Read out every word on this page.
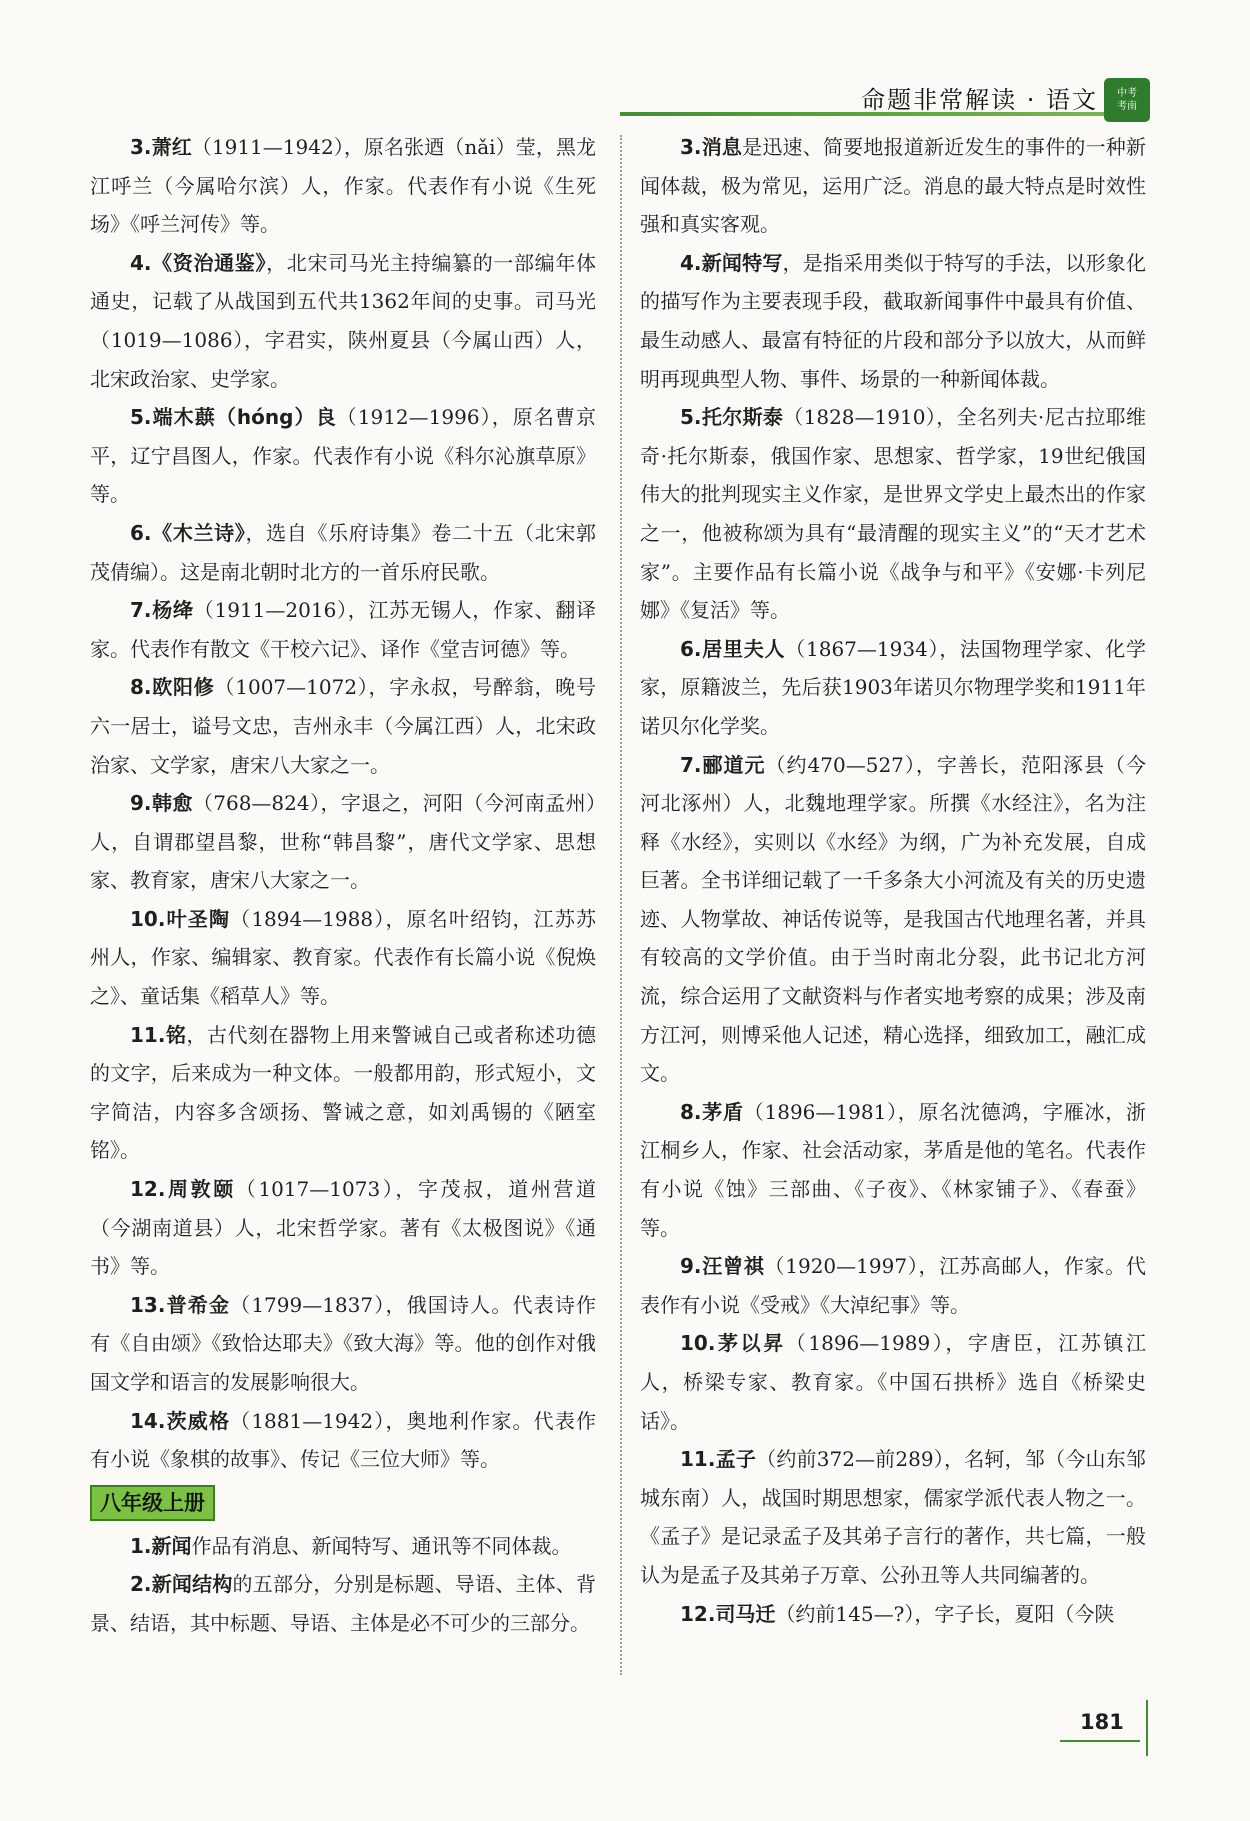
命题非常解读 · 语文 中考
考南

3.萧红（1911—1942），原名张迺（nǎi）莹，黑龙江呼兰（今属哈尔滨）人，作家。代表作有小说《生死场》《呼兰河传》等。

4.《资治通鉴》，北宋司马光主持编纂的一部编年体通史，记载了从战国到五代共1362年间的史事。司马光（1019—1086），字君实，陕州夏县（今属山西）人，北宋政治家、史学家。

5.端木蕻（hóng）良（1912—1996），原名曹京平，辽宁昌图人，作家。代表作有小说《科尔沁旗草原》等。

6.《木兰诗》，选自《乐府诗集》卷二十五（北宋郭茂倩编）。这是南北朝时北方的一首乐府民歌。

7.杨绛（1911—2016），江苏无锡人，作家、翻译家。代表作有散文《干校六记》、译作《堂吉诃德》等。

8.欧阳修（1007—1072），字永叔，号醉翁，晚号六一居士，谥号文忠，吉州永丰（今属江西）人，北宋政治家、文学家，唐宋八大家之一。

9.韩愈（768—824），字退之，河阳（今河南孟州）人，自谓郡望昌黎，世称“韩昌黎”，唐代文学家、思想家、教育家，唐宋八大家之一。

10.叶圣陶（1894—1988），原名叶绍钧，江苏苏州人，作家、编辑家、教育家。代表作有长篇小说《倪焕之》、童话集《稻草人》等。

11.铭，古代刻在器物上用来警诫自己或者称述功德的文字，后来成为一种文体。一般都用韵，形式短小，文字简洁，内容多含颂扬、警诫之意，如刘禹锡的《陋室铭》。

12.周敦颐（1017—1073），字茂叔，道州营道（今湖南道县）人，北宋哲学家。著有《太极图说》《通书》等。

13.普希金（1799—1837），俄国诗人。代表诗作有《自由颂》《致恰达耶夫》《致大海》等。他的创作对俄国文学和语言的发展影响很大。

14.茨威格（1881—1942），奥地利作家。代表作有小说《象棋的故事》、传记《三位大师》等。

八年级上册

1.新闻作品有消息、新闻特写、通讯等不同体裁。

2.新闻结构的五部分，分别是标题、导语、主体、背景、结语，其中标题、导语、主体是必不可少的三部分。

3.消息是迅速、简要地报道新近发生的事件的一种新闻体裁，极为常见，运用广泛。消息的最大特点是时效性强和真实客观。

4.新闻特写，是指采用类似于特写的手法，以形象化的描写作为主要表现手段，截取新闻事件中最具有价值、最生动感人、最富有特征的片段和部分予以放大，从而鲜明再现典型人物、事件、场景的一种新闻体裁。

5.托尔斯泰（1828—1910），全名列夫·尼古拉耶维奇·托尔斯泰，俄国作家、思想家、哲学家，19世纪俄国伟大的批判现实主义作家，是世界文学史上最杰出的作家之一，他被称颂为具有“最清醒的现实主义”的“天才艺术家”。主要作品有长篇小说《战争与和平》《安娜·卡列尼娜》《复活》等。

6.居里夫人（1867—1934），法国物理学家、化学家，原籍波兰，先后获1903年诺贝尔物理学奖和1911年诺贝尔化学奖。

7.郦道元（约470—527），字善长，范阳涿县（今河北涿州）人，北魏地理学家。所撰《水经注》，名为注释《水经》，实则以《水经》为纲，广为补充发展，自成巨著。全书详细记载了一千多条大小河流及有关的历史遗迹、人物掌故、神话传说等，是我国古代地理名著，并具有较高的文学价值。由于当时南北分裂，此书记北方河流，综合运用了文献资料与作者实地考察的成果；涉及南方江河，则博采他人记述，精心选择，细致加工，融汇成文。

8.茅盾（1896—1981），原名沈德鸿，字雁冰，浙江桐乡人，作家、社会活动家，茅盾是他的笔名。代表作有小说《蚀》三部曲、《子夜》、《林家铺子》、《春蚕》等。

9.汪曾祺（1920—1997），江苏高邮人，作家。代表作有小说《受戒》《大淖纪事》等。

10.茅以昇（1896—1989），字唐臣，江苏镇江人，桥梁专家、教育家。《中国石拱桥》选自《桥梁史话》。

11.孟子（约前372—前289），名轲，邹（今山东邹城东南）人，战国时期思想家，儒家学派代表人物之一。《孟子》是记录孟子及其弟子言行的著作，共七篇，一般认为是孟子及其弟子万章、公孙丑等人共同编著的。

12.司马迁（约前145—?），字子长，夏阳（今陕

181
